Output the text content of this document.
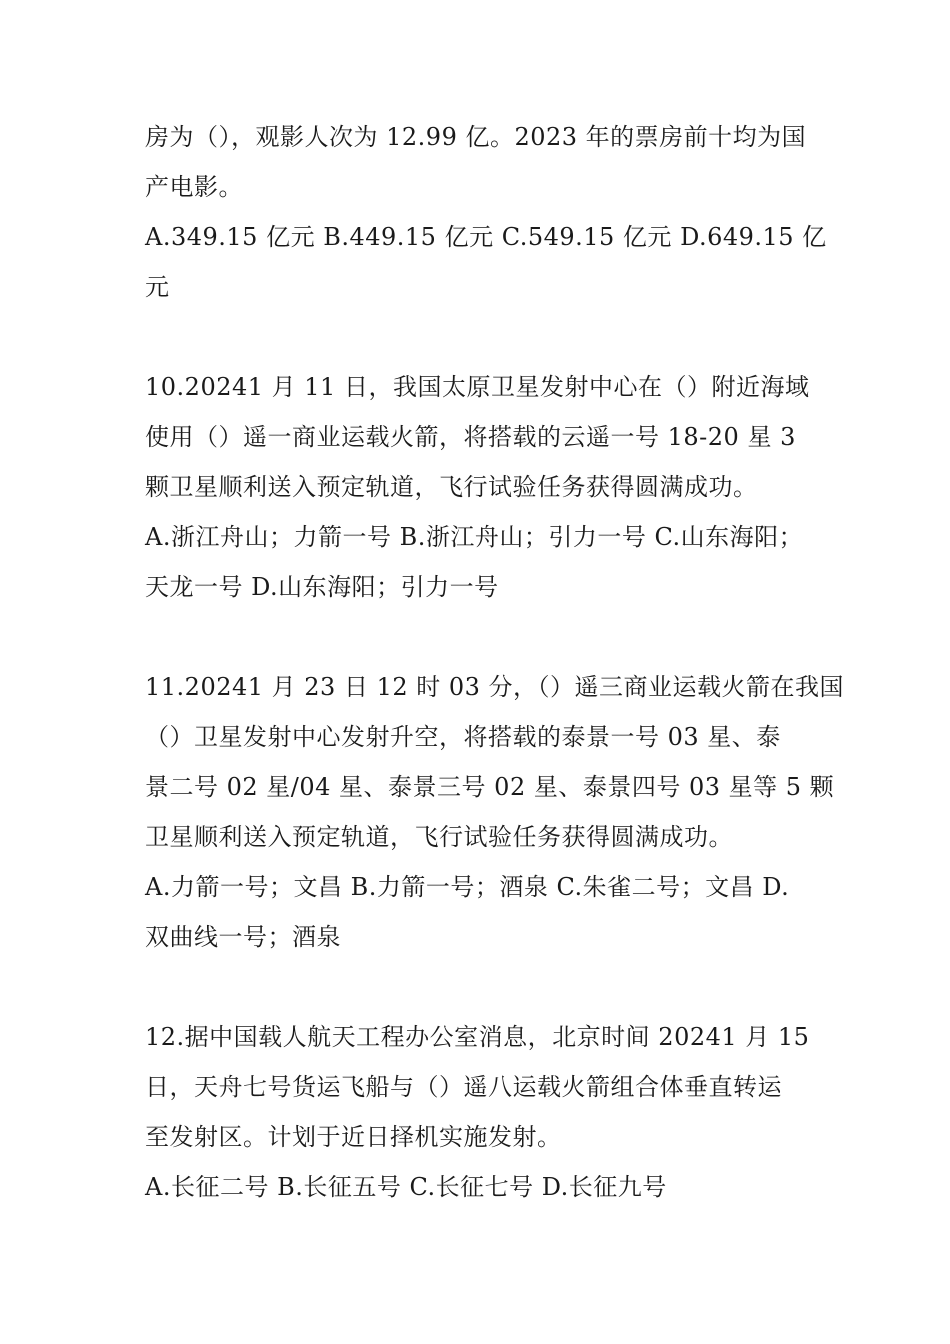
房为（），观影人次为 12.99 亿。2023 年的票房前十均为国
产电影。
A.349.15 亿元 B.449.15 亿元 C.549.15 亿元 D.649.15 亿
元
10.20241 月 11 日，我国太原卫星发射中心在（）附近海域
使用（）遥一商业运载火箭，将搭载的云遥一号 18-20 星 3
颗卫星顺利送入预定轨道，飞行试验任务获得圆满成功。
A.浙江舟山；力箭一号 B.浙江舟山；引力一号 C.山东海阳；
天龙一号 D.山东海阳；引力一号
11.20241 月 23 日 12 时 03 分，（）遥三商业运载火箭在我国
（）卫星发射中心发射升空，将搭载的泰景一号 03 星、泰
景二号 02 星/04 星、泰景三号 02 星、泰景四号 03 星等 5 颗
卫星顺利送入预定轨道，飞行试验任务获得圆满成功。
A.力箭一号；文昌 B.力箭一号；酒泉 C.朱雀二号；文昌 D.
双曲线一号；酒泉
12.据中国载人航天工程办公室消息，北京时间 20241 月 15
日，天舟七号货运飞船与（）遥八运载火箭组合体垂直转运
至发射区。计划于近日择机实施发射。
A.长征二号 B.长征五号 C.长征七号 D.长征九号
